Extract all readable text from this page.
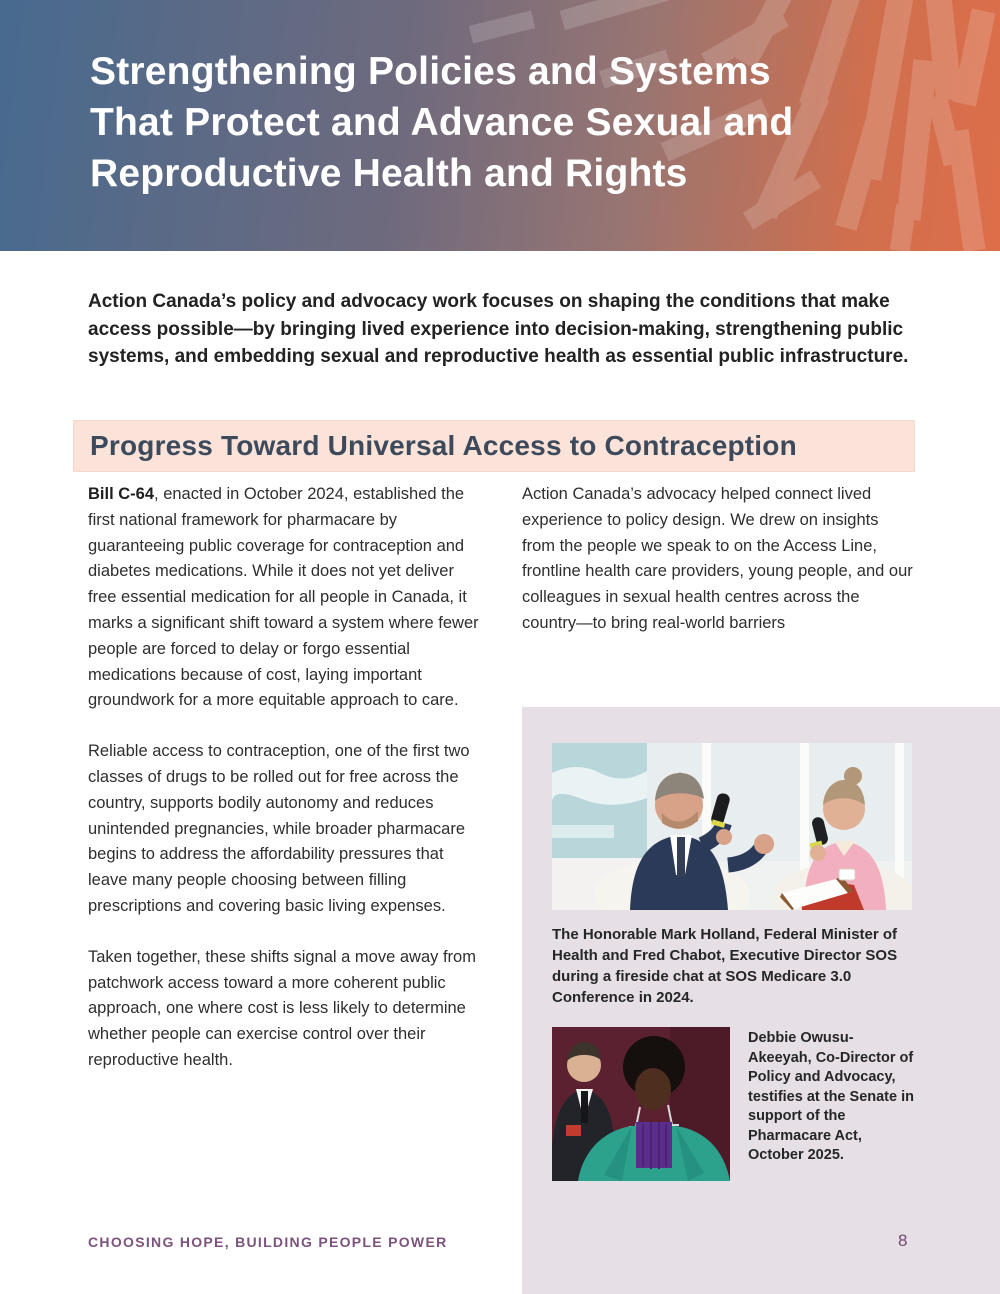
Strengthening Policies and Systems
That Protect and Advance Sexual and
Reproductive Health and Rights

Action Canada’s policy and advocacy work focuses on shaping the conditions that make access possible—by bringing lived experience into decision-making, strengthening public systems, and embedding sexual and reproductive health as essential public infrastructure.

Progress Toward Universal Access to Contraception

Bill C-64, enacted in October 2024, established the first national framework for pharmacare by guaranteeing public coverage for contraception and diabetes medications. While it does not yet deliver free essential medication for all people in Canada, it marks a significant shift toward a system where fewer people are forced to delay or forgo essential medications because of cost, laying important groundwork for a more equitable approach to care.

Reliable access to contraception, one of the first two classes of drugs to be rolled out for free across the country, supports bodily autonomy and reduces unintended pregnancies, while broader pharmacare begins to address the affordability pressures that leave many people choosing between filling prescriptions and covering basic living expenses.

Taken together, these shifts signal a move away from patchwork access toward a more coherent public approach, one where cost is less likely to determine whether people can exercise control over their reproductive health.

Action Canada’s advocacy helped connect lived experience to policy design. We drew on insights from the people we speak to on the Access Line, frontline health care providers, young people, and our colleagues in sexual health centres across the country—to bring real-world barriers

The Honorable Mark Holland, Federal Minister of Health and Fred Chabot, Executive Director SOS during a fireside chat at SOS Medicare 3.0 Conference in 2024.
Debbie Owusu-Akeeyah, Co-Director of Policy and Advocacy, testifies at the Senate in support of the Pharmacare Act, October 2025.
8
CHOOSING HOPE, BUILDING PEOPLE POWER
